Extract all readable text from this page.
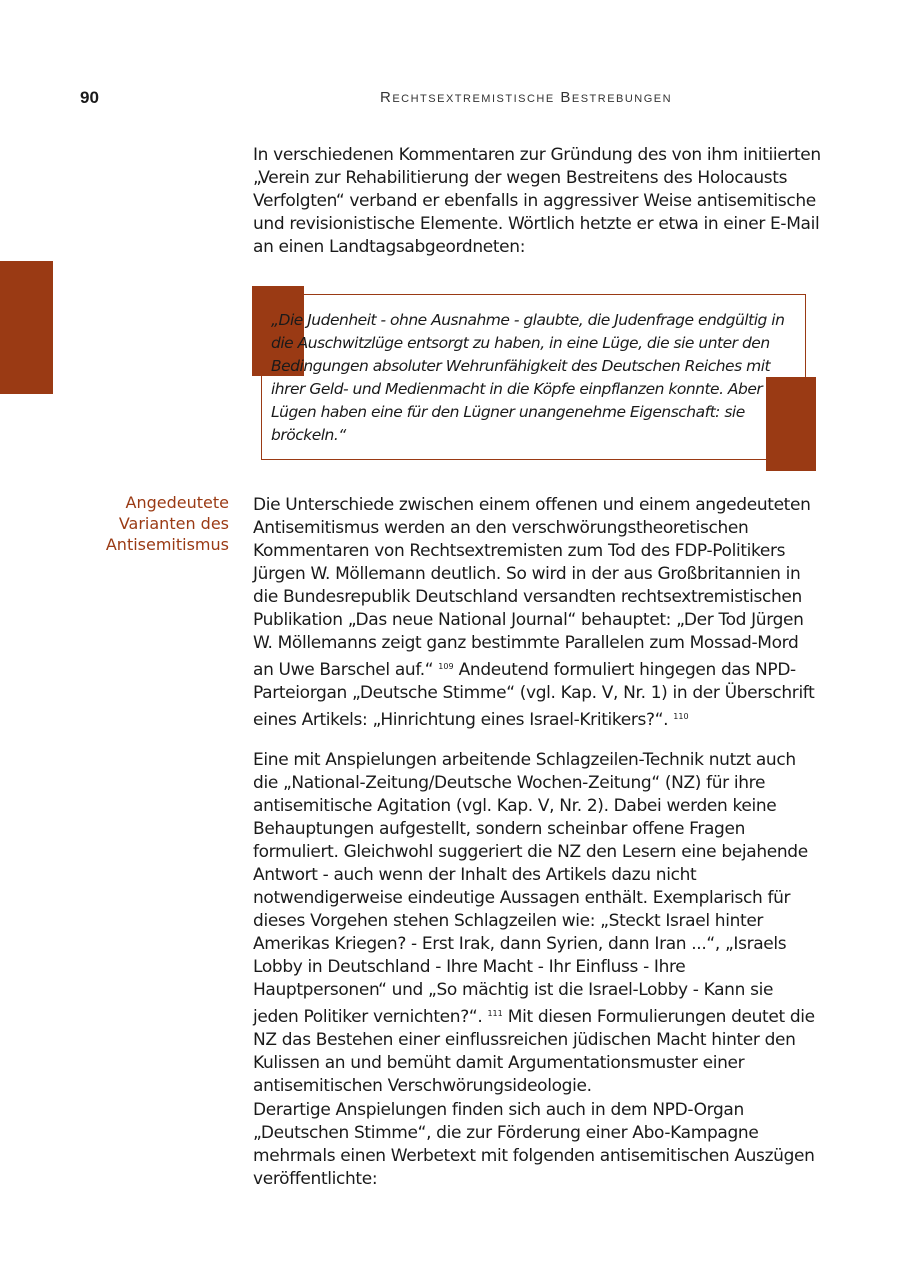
90	Rechtsextremistische Bestrebungen

In verschiedenen Kommentaren zur Gründung des von ihm initiierten „Verein zur Rehabilitierung der wegen Bestreitens des Holocausts Verfolgten“ verband er ebenfalls in aggressiver Weise antisemitische und revisionistische Elemente. Wörtlich hetzte er etwa in einer E-Mail an einen Landtagsabgeordneten:

„Die Judenheit - ohne Ausnahme - glaubte, die Judenfrage endgültig in die Auschwitzlüge entsorgt zu haben, in eine Lüge, die sie unter den Bedingungen absoluter Wehrunfähigkeit des Deutschen Reiches mit ihrer Geld- und Medienmacht in die Köpfe einpflanzen konnte. Aber Lügen haben eine für den Lügner unangenehme Eigenschaft: sie bröckeln.“

Angedeutete
Varianten des
Antisemitismus

Die Unterschiede zwischen einem offenen und einem angedeuteten Antisemitismus werden an den verschwörungstheoretischen Kommentaren von Rechtsextremisten zum Tod des FDP-Politikers Jürgen W. Möllemann deutlich. So wird in der aus Großbritannien in die Bundesrepublik Deutschland versandten rechtsextremistischen Publikation „Das neue National Journal“ behauptet: „Der Tod Jürgen W. Möllemanns zeigt ganz bestimmte Parallelen zum Mossad-Mord an Uwe Barschel auf.“ $^{109}$ Andeutend formuliert hingegen das NPD-Parteiorgan „Deutsche Stimme“ (vgl. Kap. V, Nr. 1) in der Überschrift eines Artikels: „Hinrichtung eines Israel-Kritikers?“. $^{110}$

Eine mit Anspielungen arbeitende Schlagzeilen-Technik nutzt auch die „National-Zeitung/Deutsche Wochen-Zeitung“ (NZ) für ihre antisemitische Agitation (vgl. Kap. V, Nr. 2). Dabei werden keine Behauptungen aufgestellt, sondern scheinbar offene Fragen formuliert. Gleichwohl suggeriert die NZ den Lesern eine bejahende Antwort - auch wenn der Inhalt des Artikels dazu nicht notwendigerweise eindeutige Aussagen enthält. Exemplarisch für dieses Vorgehen stehen Schlagzeilen wie: „Steckt Israel hinter Amerikas Kriegen? - Erst Irak, dann Syrien, dann Iran ...“, „Israels Lobby in Deutschland - Ihre Macht - Ihr Einfluss - Ihre Hauptpersonen“ und „So mächtig ist die Israel-Lobby - Kann sie jeden Politiker vernichten?“. $^{111}$ Mit diesen Formulierungen deutet die NZ das Bestehen einer einflussreichen jüdischen Macht hinter den Kulissen an und bemüht damit Argumentationsmuster einer antisemitischen Verschwörungsideologie.

Derartige Anspielungen finden sich auch in dem NPD-Organ „Deutschen Stimme“, die zur Förderung einer Abo-Kampagne mehrmals einen Werbetext mit folgenden antisemitischen Auszügen veröffentlichte:
